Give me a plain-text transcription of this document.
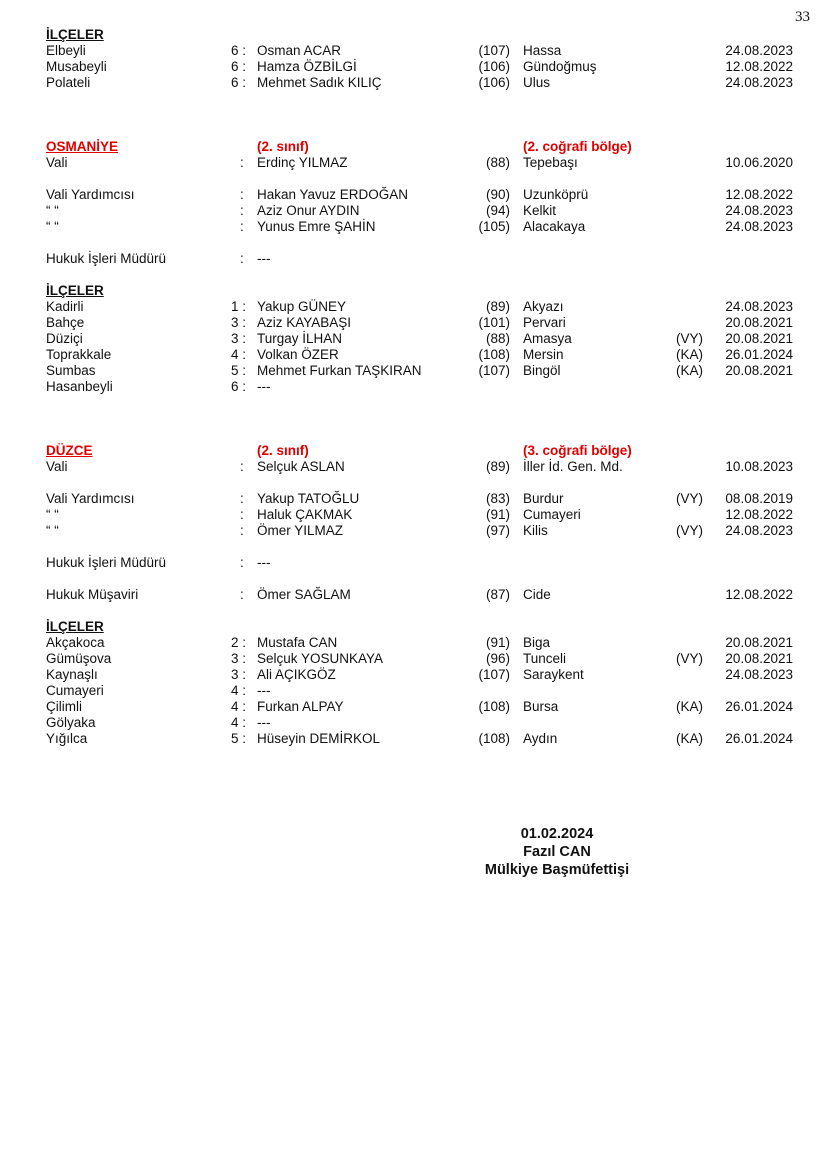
33
İLÇELER
Elbeyli	6 : Osman ACAR	(107) Hassa	24.08.2023
Musabeyli	6 : Hamza ÖZBİLGİ	(106) Gündoğmuş	12.08.2022
Polateli	6 : Mehmet Sadık KILIÇ	(106) Ulus	24.08.2023
OSMANİYE	(2. sınıf)	(2. coğrafi bölge)
Vali	: Erdinç YILMAZ	(88) Tepebaşı	10.06.2020
Vali Yardımcısı	: Hakan Yavuz ERDOĞAN	(90) Uzunköprü	12.08.2022
“ “	: Aziz Onur AYDIN	(94) Kelkit	24.08.2023
“ “	: Yunus Emre ŞAHİN	(105) Alacakaya	24.08.2023
Hukuk İşleri Müdürü	: ---
İLÇELER
Kadirli	1 : Yakup GÜNEY	(89) Akyazı	24.08.2023
Bahçe	3 : Aziz KAYABAŞI	(101) Pervari	20.08.2021
Düziçi	3 : Turgay İLHAN	(88) Amasya	(VY)	20.08.2021
Toprakkale	4 : Volkan ÖZER	(108) Mersin	(KA)	26.01.2024
Sumbas	5 : Mehmet Furkan TAŞKIRAN	(107) Bingöl	(KA)	20.08.2021
Hasanbeyli	6 : ---
DÜZCE	(2. sınıf)	(3. coğrafi bölge)
Vali	: Selçuk ASLAN	(89) İller İd. Gen. Md.	10.08.2023
Vali Yardımcısı	: Yakup TATOĞLU	(83) Burdur	(VY)	08.08.2019
“ “	: Haluk ÇAKMAK	(91) Cumayeri	12.08.2022
“ “	: Ömer YILMAZ	(97) Kilis	(VY)	24.08.2023
Hukuk İşleri Müdürü	: ---
Hukuk Müşaviri	: Ömer SAĞLAM	(87) Cide	12.08.2022
İLÇELER
Akçakoca	2 : Mustafa CAN	(91) Biga	20.08.2021
Gümüşova	3 : Selçuk YOSUNKAYA	(96) Tunceli	(VY)	20.08.2021
Kaynaşlı	3 : Ali AÇIKGÖZ	(107) Saraykent	24.08.2023
Cumayeri	4 : ---
Çilimli	4 : Furkan ALPAY	(108) Bursa	(KA)	26.01.2024
Gölyaka	4 : ---
Yığılca	5 : Hüseyin DEMİRKOL	(108) Aydın	(KA)	26.01.2024
01.02.2024
Fazıl CAN
Mülkiye Başmüfettişi
